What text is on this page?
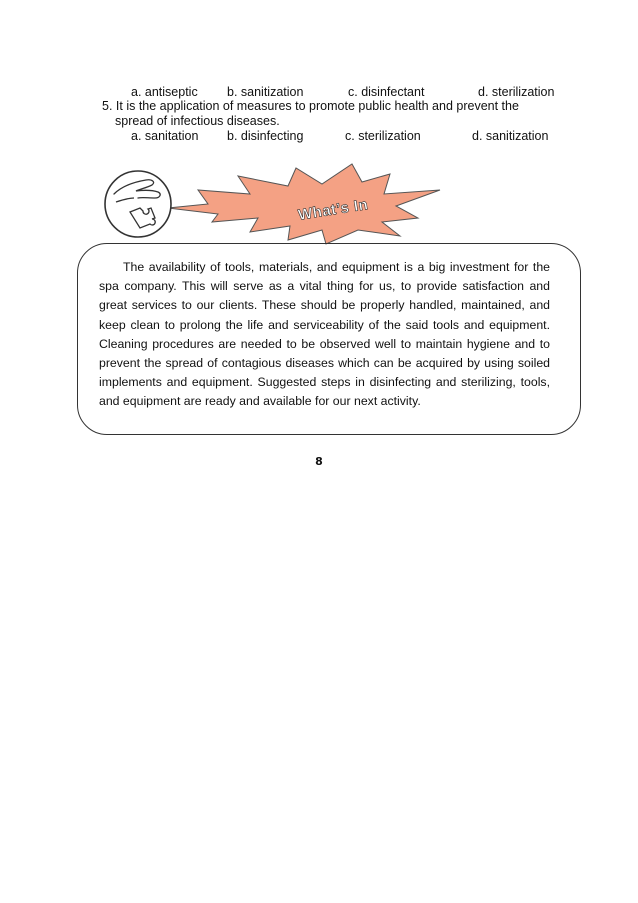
a. antiseptic b. sanitization	c. disinfectant	d. sterilization
5. It is the application of measures to promote public health and prevent the
spread of infectious diseases.
a. sanitation b. disinfecting	c. sterilization	d. sanitization
What’s In

The availability of tools, materials, and equipment is a big investment for the spa company. This will serve as a vital thing for us, to provide satisfaction and great services to our clients. These should be properly handled, maintained, and keep clean to prolong the life and serviceability of the said tools and equipment. Cleaning procedures are needed to be observed well to maintain hygiene and to prevent the spread of contagious diseases which can be acquired by using soiled implements and equipment. Suggested steps in disinfecting and sterilizing, tools, and equipment are ready and available for our next activity.

8
